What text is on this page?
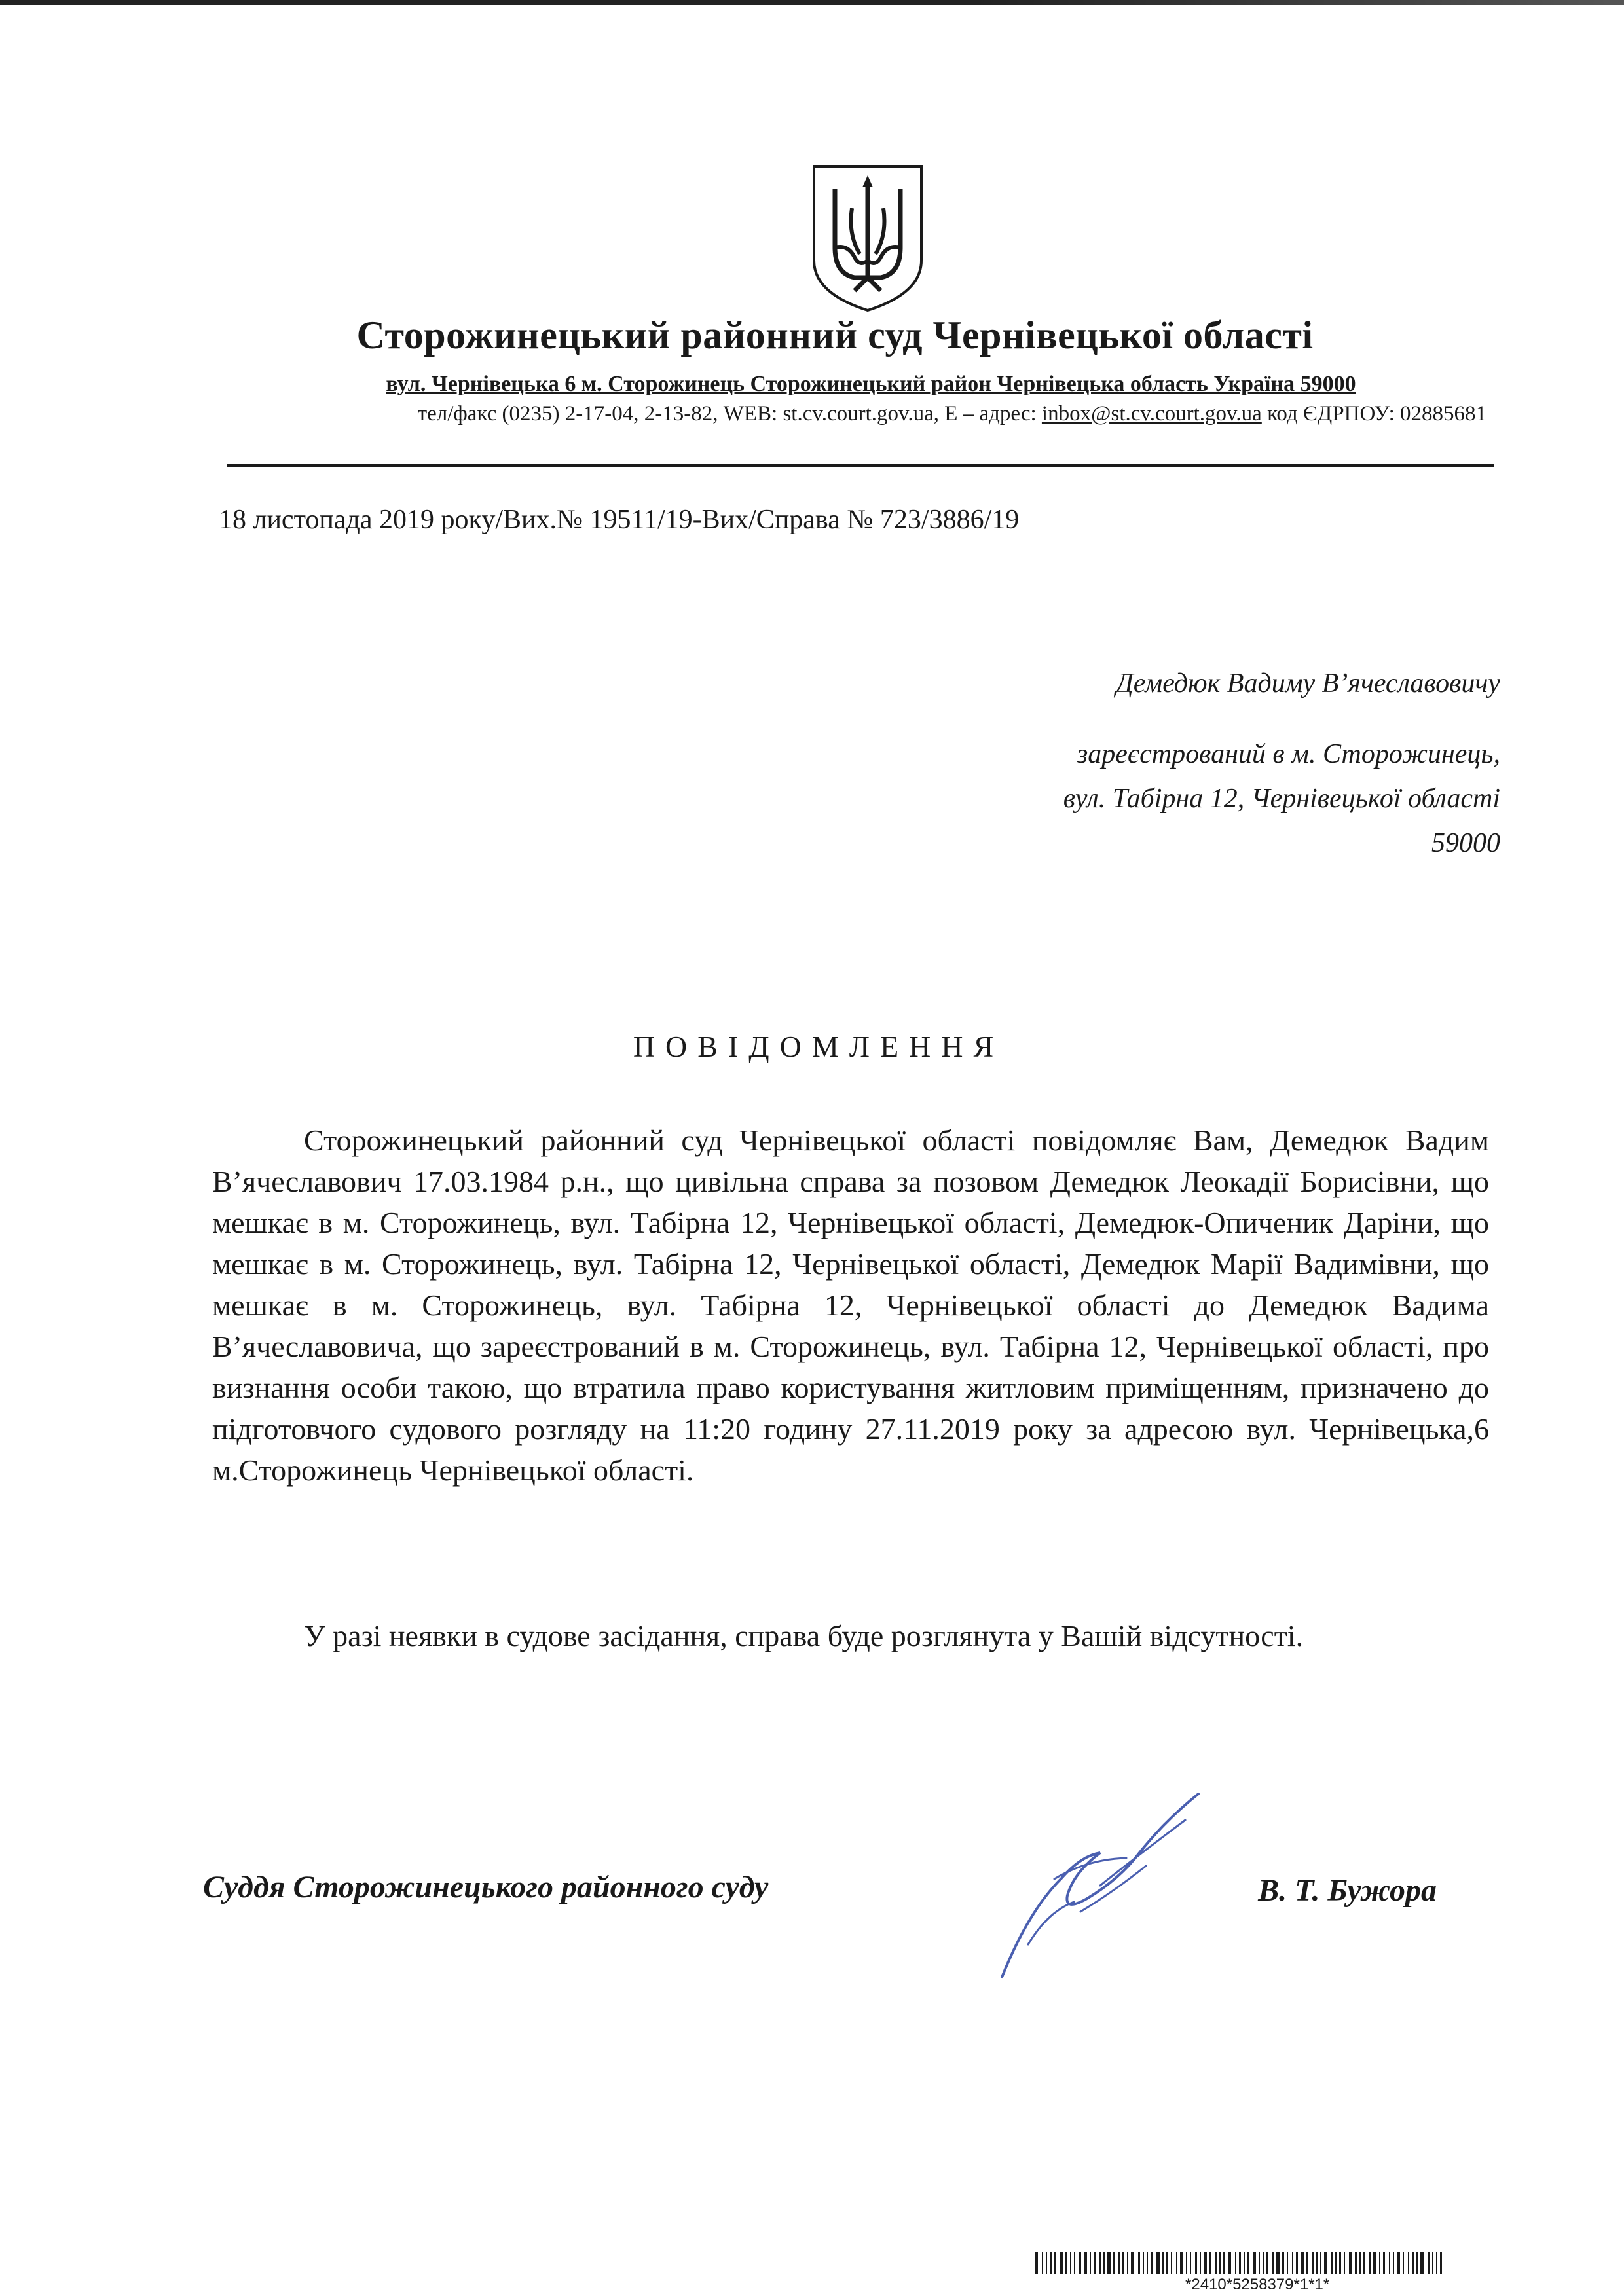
Сторожинецький районний суд Чернівецької області
вул. Чернівецька 6 м. Сторожинець Сторожинецький район Чернівецька область Україна 59000
тел/факс (0235) 2-17-04, 2-13-82, WEB: st.cv.court.gov.ua, E – адрес: inbox@st.cv.court.gov.ua код ЄДРПОУ: 02885681
18 листопада 2019 року/Вих.№ 19511/19-Вих/Справа № 723/3886/19
Демедюк Вадиму В’ячеславовичу
зареєстрований в м. Сторожинець,
вул. Табірна 12, Чернівецької області
59000
ПОВІДОМЛЕННЯ
Сторожинецький районний суд Чернівецької області повідомляє Вам, Демедюк Вадим В’ячеславович 17.03.1984 р.н., що цивільна справа за позовом Демедюк Леокадії Борисівни, що мешкає в м. Сторожинець, вул. Табірна 12, Чернівецької області, Демедюк-Опиченик Даріни, що мешкає в м. Сторожинець, вул. Табірна 12, Чернівецької області, Демедюк Марії Вадимівни, що мешкає в м. Сторожинець, вул. Табірна 12, Чернівецької області до Демедюк Вадима В’ячеславовича, що зареєстрований в м. Сторожинець, вул. Табірна 12, Чернівецької області, про визнання особи такою, що втратила право користування житловим приміщенням, призначено до підготовчого судового розгляду на 11:20 годину 27.11.2019 року за адресою вул. Чернівецька,6 м.Сторожинець Чернівецької області.
У разі неявки в судове засідання, справа буде розглянута у Вашій відсутності.
Суддя Сторожинецького районного суду	В. Т. Бужора
*2410*5258379*1*1*
